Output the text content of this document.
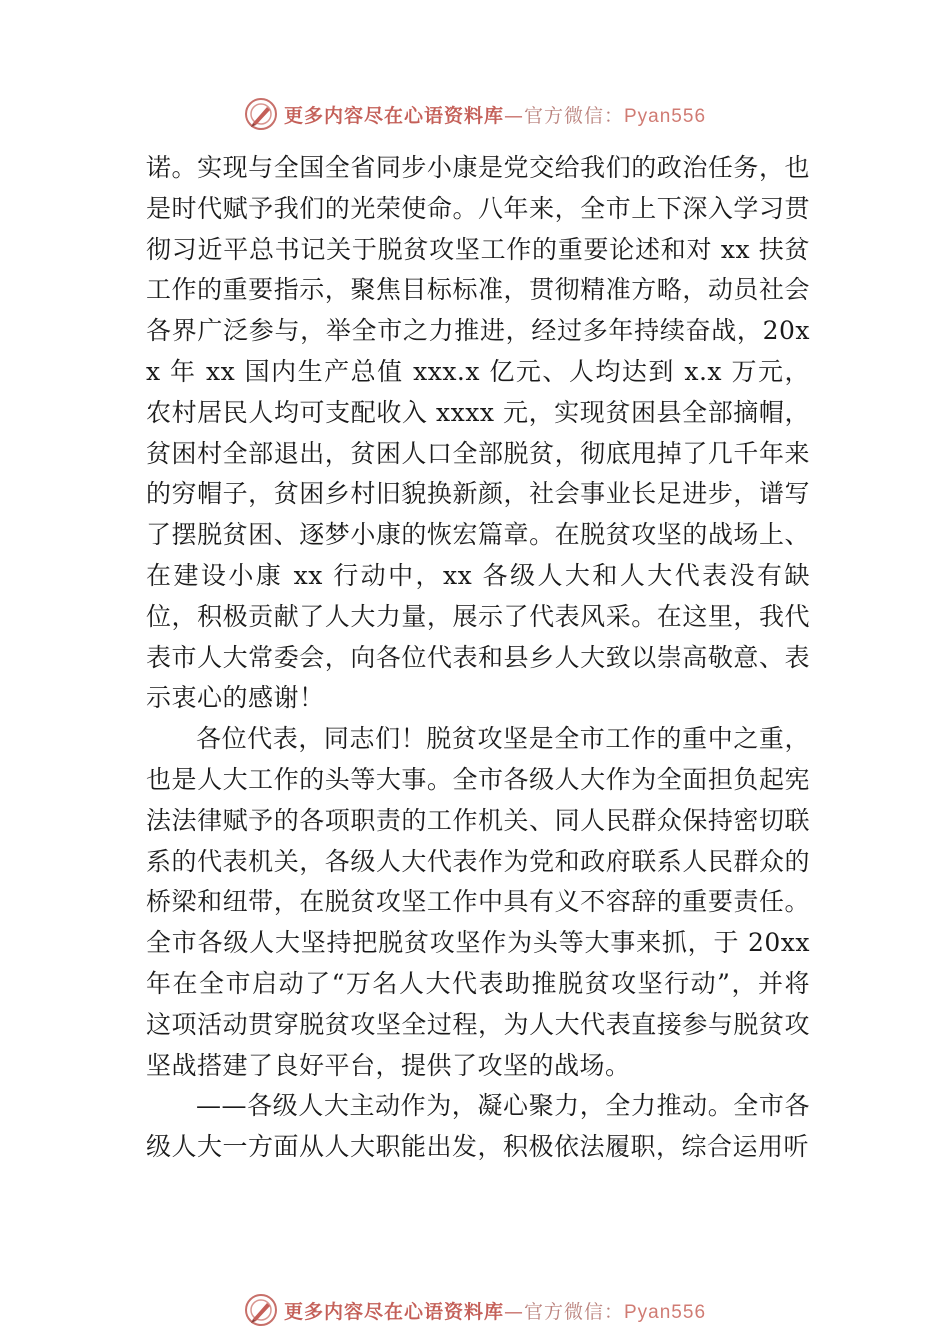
更多内容尽在心语资料库—官方微信：Pyan556

诺。实现与全国全省同步小康是党交给我们的政治任务，也是时代赋予我们的光荣使命。八年来，全市上下深入学习贯彻习近平总书记关于脱贫攻坚工作的重要论述和对 xx 扶贫工作的重要指示，聚焦目标标准，贯彻精准方略，动员社会各界广泛参与，举全市之力推进，经过多年持续奋战，20xx 年 xx 国内生产总值 xxx.x 亿元、人均达到 x.x 万元，农村居民人均可支配收入 xxxx 元，实现贫困县全部摘帽，贫困村全部退出，贫困人口全部脱贫，彻底甩掉了几千年来的穷帽子，贫困乡村旧貌换新颜，社会事业长足进步，谱写了摆脱贫困、逐梦小康的恢宏篇章。在脱贫攻坚的战场上、在建设小康 xx 行动中，xx 各级人大和人大代表没有缺位，积极贡献了人大力量，展示了代表风采。在这里，我代表市人大常委会，向各位代表和县乡人大致以崇高敬意、表示衷心的感谢！

各位代表，同志们！脱贫攻坚是全市工作的重中之重，也是人大工作的头等大事。全市各级人大作为全面担负起宪法法律赋予的各项职责的工作机关、同人民群众保持密切联系的代表机关，各级人大代表作为党和政府联系人民群众的桥梁和纽带，在脱贫攻坚工作中具有义不容辞的重要责任。 全市各级人大坚持把脱贫攻坚作为头等大事来抓，于 20xx 年在全市启动了“万名人大代表助推脱贫攻坚行动”，并将这项活动贯穿脱贫攻坚全过程，为人大代表直接参与脱贫攻坚战搭建了良好平台，提供了攻坚的战场。

——各级人大主动作为，凝心聚力，全力推动。全市各级人大一方面从人大职能出发，积极依法履职，综合运用听

更多内容尽在心语资料库—官方微信：Pyan556
